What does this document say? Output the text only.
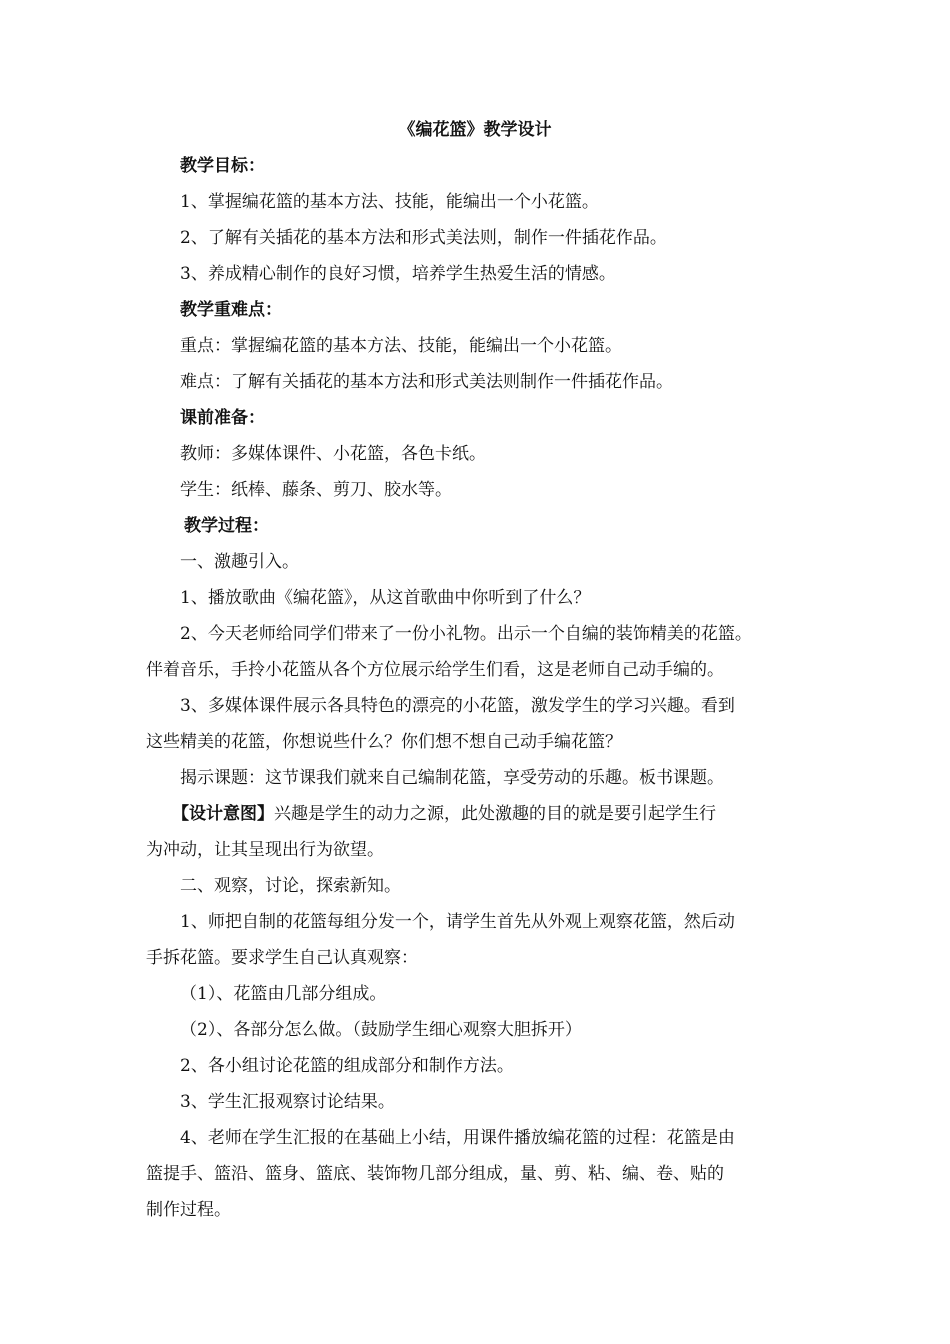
《编花篮》教学设计
教学目标：
1、掌握编花篮的基本方法、技能，能编出一个小花篮。
2、了解有关插花的基本方法和形式美法则，制作一件插花作品。
3、养成精心制作的良好习惯，培养学生热爱生活的情感。
教学重难点：
重点：掌握编花篮的基本方法、技能，能编出一个小花篮。
难点：了解有关插花的基本方法和形式美法则制作一件插花作品。
课前准备：
教师：多媒体课件、小花篮，各色卡纸。
学生：纸棒、藤条、剪刀、胶水等。
教学过程：
一、激趣引入。
1、播放歌曲《编花篮》，从这首歌曲中你听到了什么？
2、今天老师给同学们带来了一份小礼物。出示一个自编的装饰精美的花篮。
伴着音乐，手拎小花篮从各个方位展示给学生们看，这是老师自己动手编的。
3、多媒体课件展示各具特色的漂亮的小花篮，激发学生的学习兴趣。看到
这些精美的花篮，你想说些什么？你们想不想自己动手编花篮？
揭示课题：这节课我们就来自己编制花篮，享受劳动的乐趣。板书课题。
【设计意图】兴趣是学生的动力之源，此处激趣的目的就是要引起学生行
为冲动，让其呈现出行为欲望。
二、观察，讨论，探索新知。
1、师把自制的花篮每组分发一个，请学生首先从外观上观察花篮，然后动
手拆花篮。要求学生自己认真观察：
（1）、花篮由几部分组成。
（2）、各部分怎么做。（鼓励学生细心观察大胆拆开）
2、各小组讨论花篮的组成部分和制作方法。
3、学生汇报观察讨论结果。
4、老师在学生汇报的在基础上小结，用课件播放编花篮的过程：花篮是由
篮提手、篮沿、篮身、篮底、装饰物几部分组成，量、剪、粘、编、卷、贴的
制作过程。
